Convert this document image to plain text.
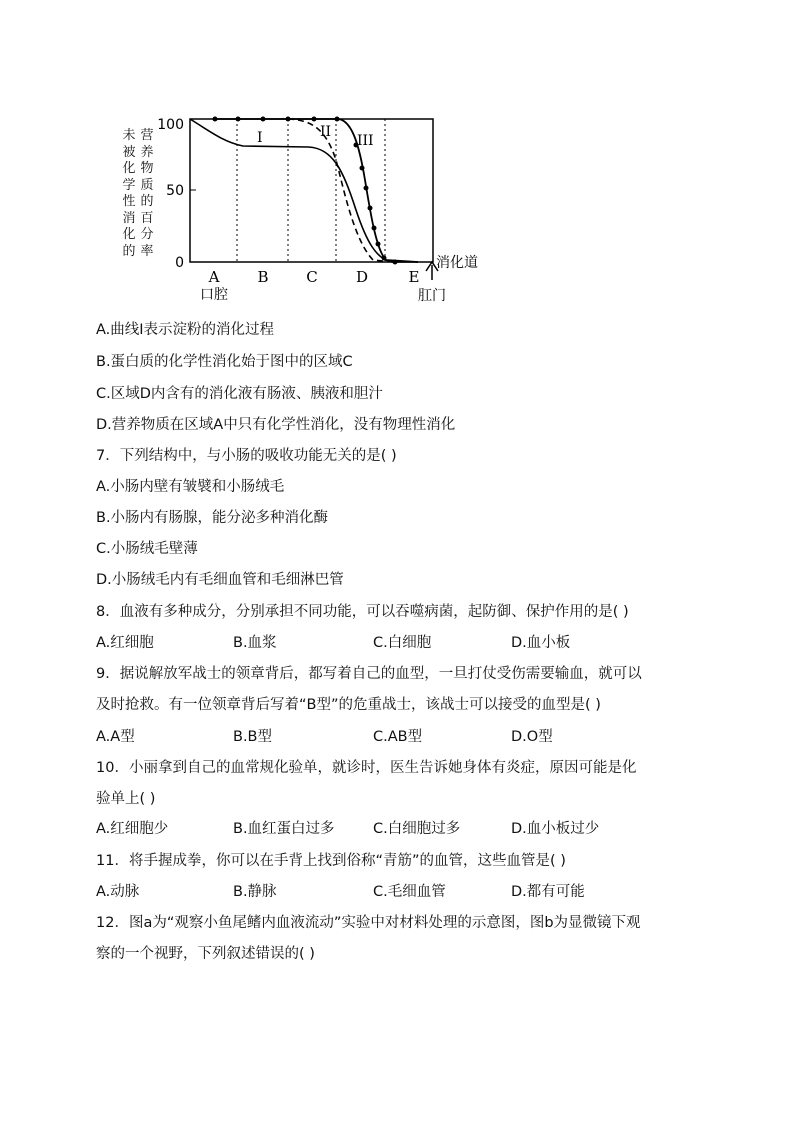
未
被
化
学
性
消
化
的
营
养
物
质
的
百
分
率
100
50
0
I	II
III
A	B	C	D	E
口腔	肛门
消化道
A.曲线I表示淀粉的消化过程
B.蛋白质的化学性消化始于图中的区域C
C.区域D内含有的消化液有肠液、胰液和胆汁
D.营养物质在区域A中只有化学性消化，没有物理性消化
7．下列结构中，与小肠的吸收功能无关的是( )
A.小肠内壁有皱襞和小肠绒毛
B.小肠内有肠腺，能分泌多种消化酶
C.小肠绒毛壁薄
D.小肠绒毛内有毛细血管和毛细淋巴管
8．血液有多种成分，分别承担不同功能，可以吞噬病菌，起防御、保护作用的是( )
A.红细胞	B.血浆	C.白细胞	D.血小板
9．据说解放军战士的领章背后，都写着自己的血型，一旦打仗受伤需要输血，就可以
及时抢救。有一位领章背后写着“B型”的危重战士，该战士可以接受的血型是( )
A.A型	B.B型	C.AB型	D.O型
10．小丽拿到自己的血常规化验单，就诊时，医生告诉她身体有炎症，原因可能是化
验单上( )
A.红细胞少	B.血红蛋白过多	C.白细胞过多	D.血小板过少
11．将手握成拳，你可以在手背上找到俗称“青筋”的血管，这些血管是( )
A.动脉	B.静脉	C.毛细血管	D.都有可能
12．图a为“观察小鱼尾鳍内血液流动”实验中对材料处理的示意图，图b为显微镜下观
察的一个视野，下列叙述错误的( )
